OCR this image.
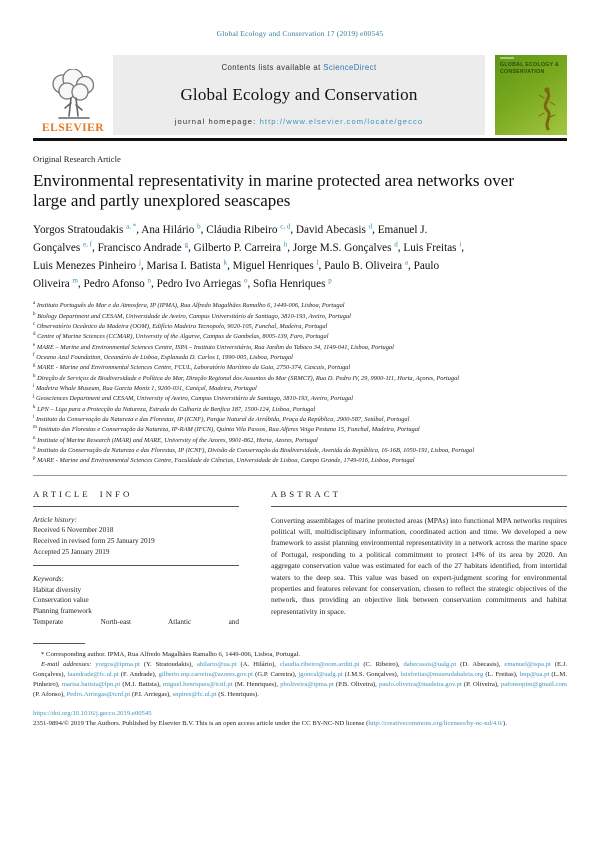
Global Ecology and Conservation 17 (2019) e00545
ELSEVIER
Contents lists available at ScienceDirect
Global Ecology and Conservation
journal homepage: http://www.elsevier.com/locate/gecco
GLOBAL ECOLOGY & CONSERVATION
Original Research Article
Environmental representativity in marine protected area networks over large and partly unexplored seascapes
Yorgos Stratoudakis $^{a, *}$, Ana Hilário $^b$, Cláudia Ribeiro $^{c, d}$, David Abecasis $^d$, Emanuel J. Gonçalves $^{e, f}$, Francisco Andrade $^g$, Gilberto P. Carreira $^h$, Jorge M.S. Gonçalves $^d$, Luis Freitas $^i$, Luis Menezes Pinheiro $^j$, Marisa I. Batista $^k$, Miguel Henriques $^l$, Paulo B. Oliveira $^a$, Paulo Oliveira $^m$, Pedro Afonso $^n$, Pedro Ivo Arriegas $^o$, Sofia Henriques $^p$
$^a$ Instituto Português do Mar e da Atmosfera, IP (IPMA), Rua Alfredo Magalhães Ramalho 6, 1449-006, Lisboa, Portugal
$^b$ Biology Department and CESAM, Universidade de Aveiro, Campus Universitário de Santiago, 3810-193, Aveiro, Portugal
$^c$ Observatório Oceânico da Madeira (OOM), Edifício Madeira Tecnopolo, 9020-105, Funchal, Madeira, Portugal
$^d$ Centre of Marine Sciences (CCMAR), University of the Algarve, Campus de Gambelas, 8005-139, Faro, Portugal
$^e$ MARE – Marine and Environmental Sciences Centre, ISPA – Instituto Universitário, Rua Jardim do Tabaco 34, 1149-041, Lisboa, Portugal
$^f$ Oceano Azul Foundation, Oceanário de Lisboa, Esplanada D. Carlos I, 1990-005, Lisboa, Portugal
$^g$ MARE - Marine and Environmental Sciences Centre, FCUL, Laboratório Marítimo da Guia, 2750-374, Cascais, Portugal
$^h$ Direção de Serviços de Biodiversidade e Política do Mar, Direção Regional dos Assuntos do Mar (SRMCT), Rua D. Pedro IV, 29, 9900-111, Horta, Açores, Portugal
$^i$ Madeira Whale Museum, Rua Garcia Moniz 1, 9200-031, Caniçal, Madeira, Portugal
$^j$ Geosciences Department and CESAM, University of Aveiro, Campus Universitário de Santiago, 3810-193, Aveiro, Portugal
$^k$ LPN – Liga para a Protecção da Natureza, Estrada do Calhariz de Benfica 187, 1500-124, Lisboa, Portugal
$^l$ Instituto da Conservação da Natureza e das Florestas, IP (ICNF), Parque Natural de Arrábida, Praça da República, 2900-587, Setúbal, Portugal
$^m$ Instituto das Florestas e Conservação da Natureza, IP-RAM (IFCN), Quinta Vila Passos, Rua Alferes Veiga Pestana 15, Funchal, Madeira, Portugal
$^n$ Institute of Marine Research (IMAR) and MARE, University of the Azores, 9901-862, Horta, Azores, Portugal
$^o$ Instituto da Conservação da Natureza e das Florestas, IP (ICNF), Divisão de Conservação da Biodiversidade, Avenida da República, 16-16B, 1050-191, Lisboa, Portugal
$^p$ MARE - Marine and Environmental Sciences Centre, Faculdade de Ciências, Universidade de Lisboa, Campo Grande, 1749-016, Lisboa, Portugal
ARTICLE INFO
Article history:
Received 6 November 2018
Received in revised form 25 January 2019
Accepted 25 January 2019
Keywords:
Habitat diversity
Conservation value
Planning framework
Temperate North-east Atlantic and
ABSTRACT
Converting assemblages of marine protected areas (MPAs) into functional MPA networks requires political will, multidisciplinary information, coordinated action and time. We developed a new framework to assist planning environmental representativity in a network across the marine space of Portugal, responding to a political commitment to protect 14% of its area by 2020. An aggregate conservation value was estimated for each of the 27 habitats identified, from intertidal waters to the deep sea. This value was based on expert-judgment scoring for environmental properties and features relevant for conservation, chosen to reflect the strategic objectives of the network, thus providing an objective link between conservation commitments and habitat representativity in space.

* Corresponding author. IPMA, Rua Alfredo Magalhães Ramalho 6, 1449-006, Lisboa, Portugal.

E-mail addresses: yorgos@ipma.pt (Y. Stratoudakis), ahilario@ua.pt (A. Hilário), claudia.ribeiro@oom.arditi.pt (C. Ribeiro), dabecassis@ualg.pt (D. Abecasis), emanuel@ispa.pt (E.J. Gonçalves), faandrade@fc.ul.pt (F. Andrade), gilberto.mp.carreira@azores.gov.pt (G.P. Carreira), jgoncal@ualg.pt (J.M.S. Gonçalves), luisfreitas@museudabaleia.org (L. Freitas), lmp@ua.pt (L.M. Pinheiro), marisa.batista@lpn.pt (M.I. Batista), miguel.henriques@icnf.pt (M. Henriques), pboliveira@ipma.pt (P.B. Oliveira), paulo.oliveira@madeira.gov.pt (P. Oliveira), pafonsopim@gmail.com (P. Afonso), Pedro.Arriegas@icnf.pt (P.I. Arriegas), snpires@fc.ul.pt (S. Henriques).

https://doi.org/10.1016/j.gecco.2019.e00545
2351-9894/© 2019 The Authors. Published by Elsevier B.V. This is an open access article under the CC BY-NC-ND license (http://creativecommons.org/licenses/by-nc-nd/4.0/).
